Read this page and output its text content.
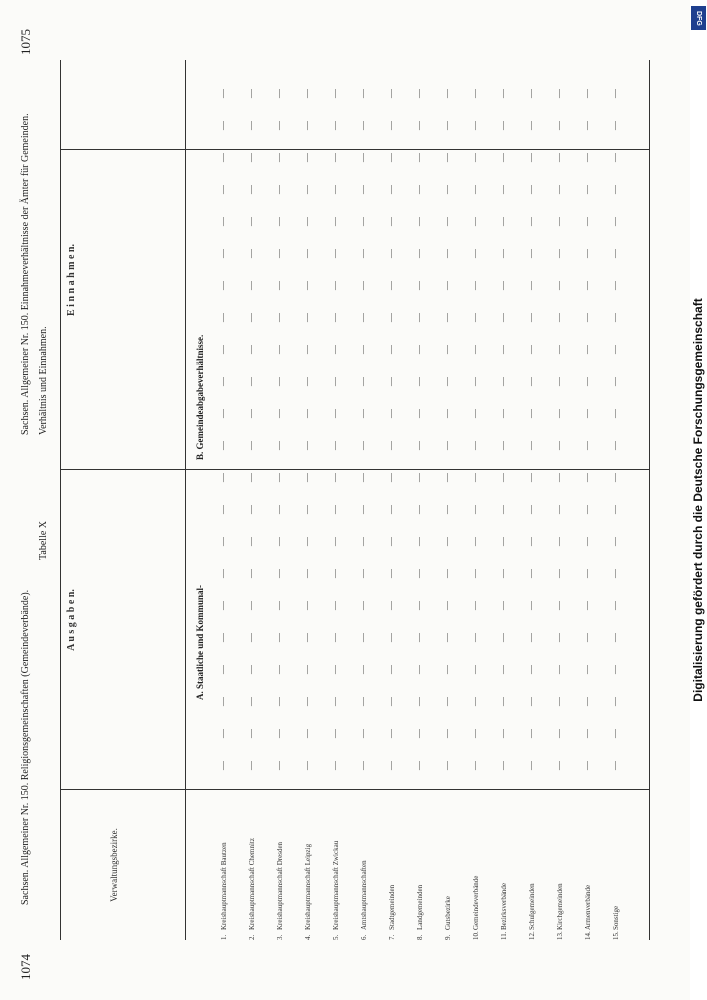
1074
Sachsen. Allgemeiner Nr. 150. Religionsgemeinschaften (Gemeindeverbände).
Tabelle X
Sachsen. Allgemeiner Nr. 150. Einnahmeverhältnisse der Ämter für Gemeinden.
1075
Verhältnis und Einnahmen.
Verwaltungsbezirke.
A u s g a b e n.
E i n n a h m e n.
A. Staatliche und Kommunal-
B. Gemeindeabgabeverhältnisse.
Kreishauptmannschaft Bautzen
1.
—
—
—
—
—
—
—
—
—
—
—
—
—
—
—
—
—
—
—
—
—
—
Kreishauptmannschaft Chemnitz
2.
—
—
—
—
—
—
—
—
—
—
—
—
—
—
—
—
—
—
—
—
—
—
Kreishauptmannschaft Dresden
3.
—
—
—
—
—
—
—
—
—
—
—
—
—
—
—
—
—
—
—
—
—
—
Kreishauptmannschaft Leipzig
4.
—
—
—
—
—
—
—
—
—
—
—
—
—
—
—
—
—
—
—
—
—
—
Kreishauptmannschaft Zwickau
5.
—
—
—
—
—
—
—
—
—
—
—
—
—
—
—
—
—
—
—
—
—
—
Amtshauptmannschaften
6.
—
—
—
—
—
—
—
—
—
—
—
—
—
—
—
—
—
—
—
—
—
—
Stadtgemeinden
7.
—
—
—
—
—
—
—
—
—
—
—
—
—
—
—
—
—
—
—
—
—
—
Landgemeinden
8.
—
—
—
—
—
—
—
—
—
—
—
—
—
—
—
—
—
—
—
—
—
—
Gutsbezirke
9.
—
—
—
—
—
—
—
—
—
—
—
—
—
—
—
—
—
—
—
—
—
—
Gemeindeverbände
10.
—
—
—
—
—
—
—
—
—
—
—
—
—
—
—
—
—
—
—
—
—
—
Bezirksverbände
11.
—
—
—
—
—
—
—
—
—
—
—
—
—
—
—
—
—
—
—
—
—
—
Schulgemeinden
12.
—
—
—
—
—
—
—
—
—
—
—
—
—
—
—
—
—
—
—
—
—
—
Kirchgemeinden
13.
—
—
—
—
—
—
—
—
—
—
—
—
—
—
—
—
—
—
—
—
—
—
Armenverbände
14.
—
—
—
—
—
—
—
—
—
—
—
—
—
—
—
—
—
—
—
—
—
—
Sonstige
15.
—
—
—
—
—
—
—
—
—
—
—
—
—
—
—
—
—
—
—
—
—
—
Digitalisierung gefördert durch die Deutsche Forschungsgemeinschaft
DFG
